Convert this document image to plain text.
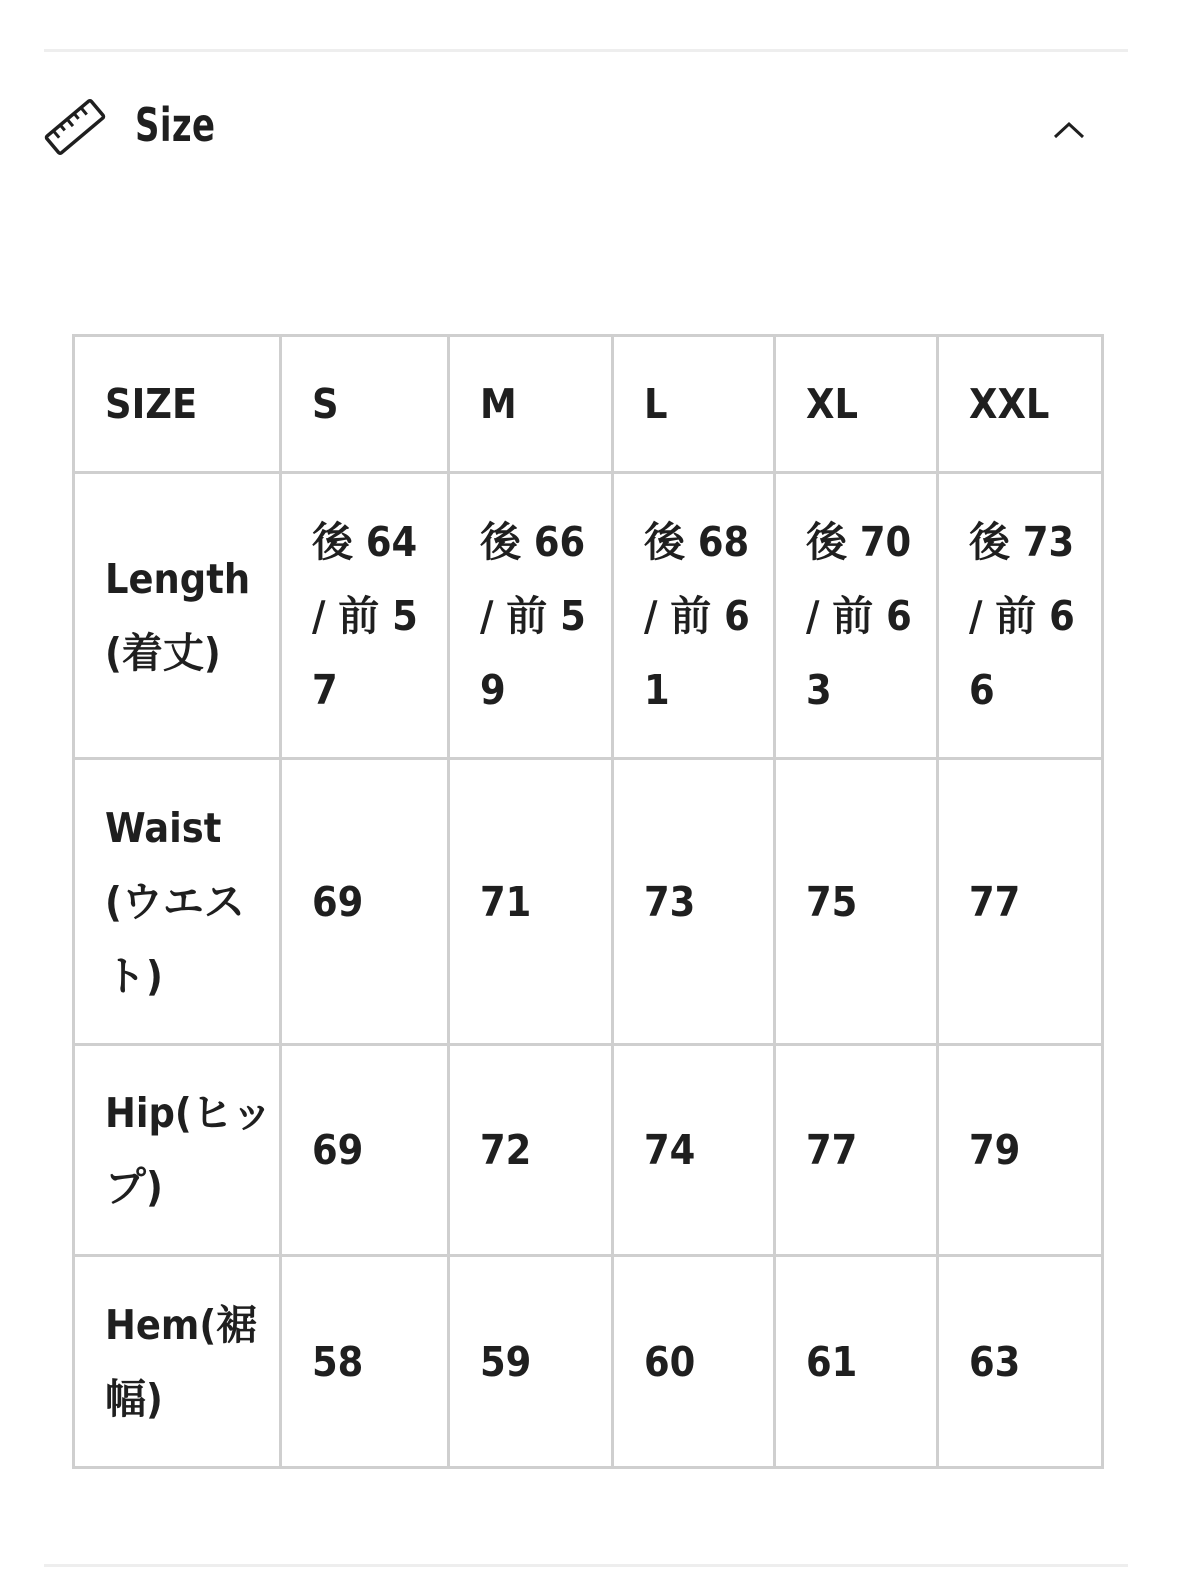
Size
SIZE	S	M	L	XL	XXL

Length(着丈)	後 64 / 前 57	後 66 / 前 59	後 68 / 前 61	後 70 / 前 63	後 73 / 前 66

Waist(ウエスト)	69	71	73	75	77

Hip(ヒップ)	69	72	74	77	79

Hem(裾幅)	58	59	60	61	63
